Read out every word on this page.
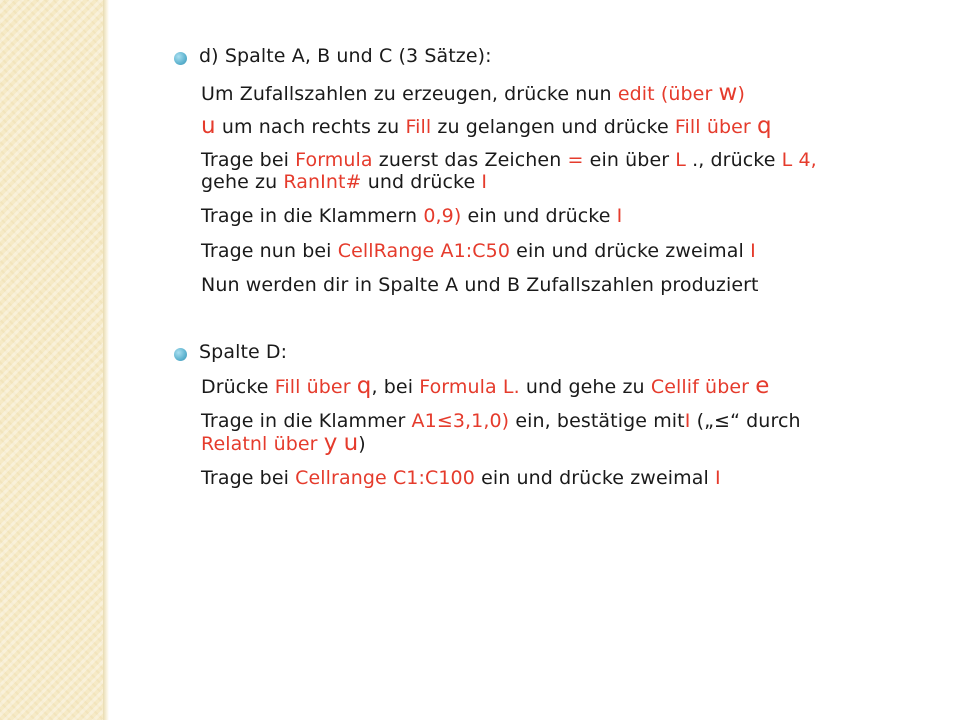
d) Spalte A, B und C (3 Sätze):
Um Zufallszahlen zu erzeugen, drücke nun edit (über w)
u um nach rechts zu Fill zu gelangen und drücke Fill über q
Trage bei Formula zuerst das Zeichen = ein über L ., drücke L 4,
gehe zu RanInt# und drücke I
Trage in die Klammern 0,9) ein und drücke I
Trage nun bei CellRange A1:C50 ein und drücke zweimal I
Nun werden dir in Spalte A und B Zufallszahlen produziert
Spalte D:
Drücke Fill über q, bei Formula L. und gehe zu Cellif über e
Trage in die Klammer A1≤3,1,0) ein, bestätige mitI („≤“ durch
Relatnl über y u)
Trage bei Cellrange C1:C100 ein und drücke zweimal I
